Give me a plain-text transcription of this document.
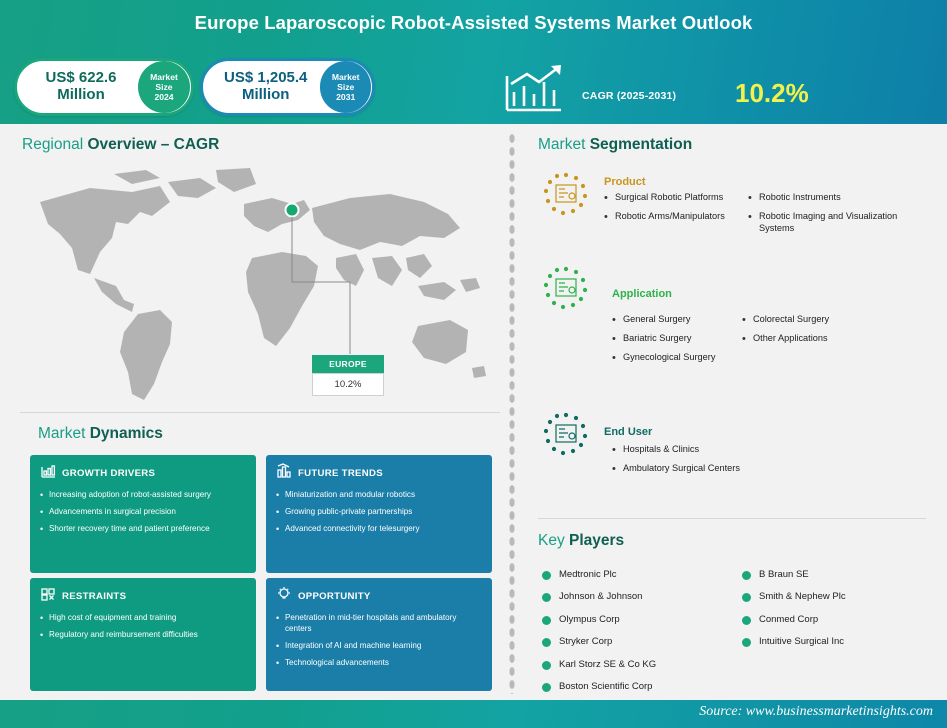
Europe Laparoscopic Robot-Assisted Systems Market Outlook
US$ 622.6 Million
Market
Size
2024
US$ 1,205.4 Million
Market
Size
2031	CAGR (2025-2031) 10.2%
Regional Overview – CAGR
EUROPE
10.2%
Market Dynamics
GROWTH DRIVERS
• Increasing adoption of robot-assisted surgery
• Advancements in surgical precision
• Shorter recovery time and patient preference
FUTURE TRENDS
• Miniaturization and modular robotics
• Growing public-private partnerships
• Advanced connectivity for telesurgery
RESTRAINTS
• High cost of equipment and training
• Regulatory and reimbursement difficulties
OPPORTUNITY
• Penetration in mid-tier hospitals and ambulatory centers
• Integration of AI and machine learning
• Technological advancements
Market Segmentation
Product
• Surgical Robotic Platforms
• Robotic Arms/Manipulators
• Robotic Instruments
• Robotic Imaging and Visualization Systems
Application
• General Surgery
• Bariatric Surgery
• Gynecological Surgery
• Colorectal Surgery
• Other Applications
End User
• Hospitals & Clinics
• Ambulatory Surgical Centers
Key Players
Medtronic Plc
Johnson & Johnson
Olympus Corp
Stryker Corp
Karl Storz SE & Co KG
Boston Scientific Corp
B Braun SE
Smith & Nephew Plc
Conmed Corp
Intuitive Surgical Inc
Source: www.businessmarketinsights.com
